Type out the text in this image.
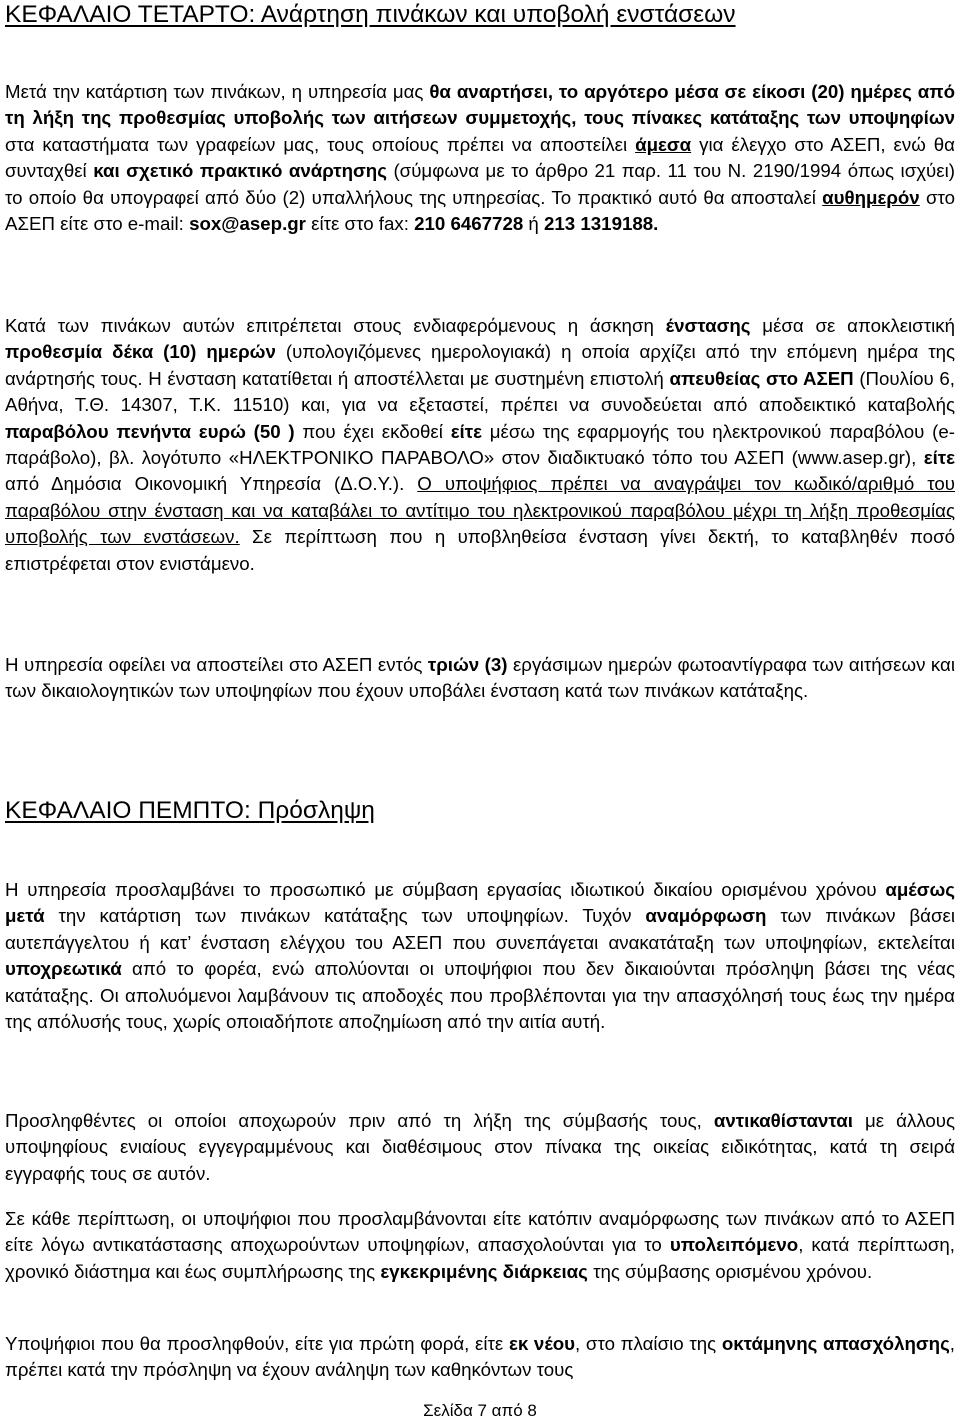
ΚΕΦΑΛΑΙΟ ΤΕΤΑΡΤΟ: Ανάρτηση πινάκων και υποβολή ενστάσεων

Μετά την κατάρτιση των πινάκων, η υπηρεσία μας θα αναρτήσει, το αργότερο μέσα σε είκοσι (20) ημέρες από τη λήξη της προθεσμίας υποβολής των αιτήσεων συμμετοχής, τους πίνακες κατάταξης των υποψηφίων στα καταστήματα των γραφείων μας, τους οποίους πρέπει να αποστείλει άμεσα για έλεγχο στο ΑΣΕΠ, ενώ θα συνταχθεί και σχετικό πρακτικό ανάρτησης (σύμφωνα με το άρθρο 21 παρ. 11 του Ν. 2190/1994 όπως ισχύει) το οποίο θα υπογραφεί από δύο (2) υπαλλήλους της υπηρεσίας. Το πρακτικό αυτό θα αποσταλεί αυθημερόν στο ΑΣΕΠ είτε στο e-mail: sox@asep.gr είτε στο fax: 210 6467728 ή 213 1319188.

Κατά των πινάκων αυτών επιτρέπεται στους ενδιαφερόμενους η άσκηση ένστασης μέσα σε αποκλειστική προθεσμία δέκα (10) ημερών (υπολογιζόμενες ημερολογιακά) η οποία αρχίζει από την επόμενη ημέρα της ανάρτησής τους. Η ένσταση κατατίθεται ή αποστέλλεται με συστημένη επιστολή απευθείας στο ΑΣΕΠ (Πουλίου 6, Αθήνα, Τ.Θ. 14307, Τ.Κ. 11510) και, για να εξεταστεί, πρέπει να συνοδεύεται από αποδεικτικό καταβολής παραβόλου πενήντα ευρώ (50 ) που έχει εκδοθεί είτε μέσω της εφαρμογής του ηλεκτρονικού παραβόλου (e-παράβολο), βλ. λογότυπο «ΗΛΕΚΤΡΟΝΙΚΟ ΠΑΡΑΒΟΛΟ» στον διαδικτυακό τόπο του ΑΣΕΠ (www.asep.gr), είτε από Δημόσια Οικονομική Υπηρεσία (Δ.Ο.Υ.). Ο υποψήφιος πρέπει να αναγράψει τον κωδικό/αριθμό του παραβόλου στην ένσταση και να καταβάλει το αντίτιμο του ηλεκτρονικού παραβόλου μέχρι τη λήξη προθεσμίας υποβολής των ενστάσεων. Σε περίπτωση που η υποβληθείσα ένσταση γίνει δεκτή, το καταβληθέν ποσό επιστρέφεται στον ενιστάμενο.

Η υπηρεσία οφείλει να αποστείλει στο ΑΣΕΠ εντός τριών (3) εργάσιμων ημερών φωτοαντίγραφα των αιτήσεων και των δικαιολογητικών των υποψηφίων που έχουν υποβάλει ένσταση κατά των πινάκων κατάταξης.

ΚΕΦΑΛΑΙΟ ΠΕΜΠΤΟ: Πρόσληψη

Η υπηρεσία προσλαμβάνει το προσωπικό με σύμβαση εργασίας ιδιωτικού δικαίου ορισμένου χρόνου αμέσως μετά την κατάρτιση των πινάκων κατάταξης των υποψηφίων. Τυχόν αναμόρφωση των πινάκων βάσει αυτεπάγγελτου ή κατ’ ένσταση ελέγχου του ΑΣΕΠ που συνεπάγεται ανακατάταξη των υποψηφίων, εκτελείται υποχρεωτικά από το φορέα, ενώ απολύονται οι υποψήφιοι που δεν δικαιούνται πρόσληψη βάσει της νέας κατάταξης. Οι απολυόμενοι λαμβάνουν τις αποδοχές που προβλέπονται για την απασχόλησή τους έως την ημέρα της απόλυσής τους, χωρίς οποιαδήποτε αποζημίωση από την αιτία αυτή.

Προσληφθέντες οι οποίοι αποχωρούν πριν από τη λήξη της σύμβασής τους, αντικαθίστανται με άλλους υποψηφίους ενιαίους εγγεγραμμένους και διαθέσιμους στον πίνακα της οικείας ειδικότητας, κατά τη σειρά εγγραφής τους σε αυτόν.

Σε κάθε περίπτωση, οι υποψήφιοι που προσλαμβάνονται είτε κατόπιν αναμόρφωσης των πινάκων από το ΑΣΕΠ είτε λόγω αντικατάστασης αποχωρούντων υποψηφίων, απασχολούνται για το υπολειπόμενο, κατά περίπτωση, χρονικό διάστημα και έως συμπλήρωσης της εγκεκριμένης διάρκειας της σύμβασης ορισμένου χρόνου.

Υποψήφιοι που θα προσληφθούν, είτε για πρώτη φορά, είτε εκ νέου, στο πλαίσιο της οκτάμηνης απασχόλησης, πρέπει κατά την πρόσληψη να έχουν ανάληψη των καθηκόντων τους

Σελίδα 7 από 8
